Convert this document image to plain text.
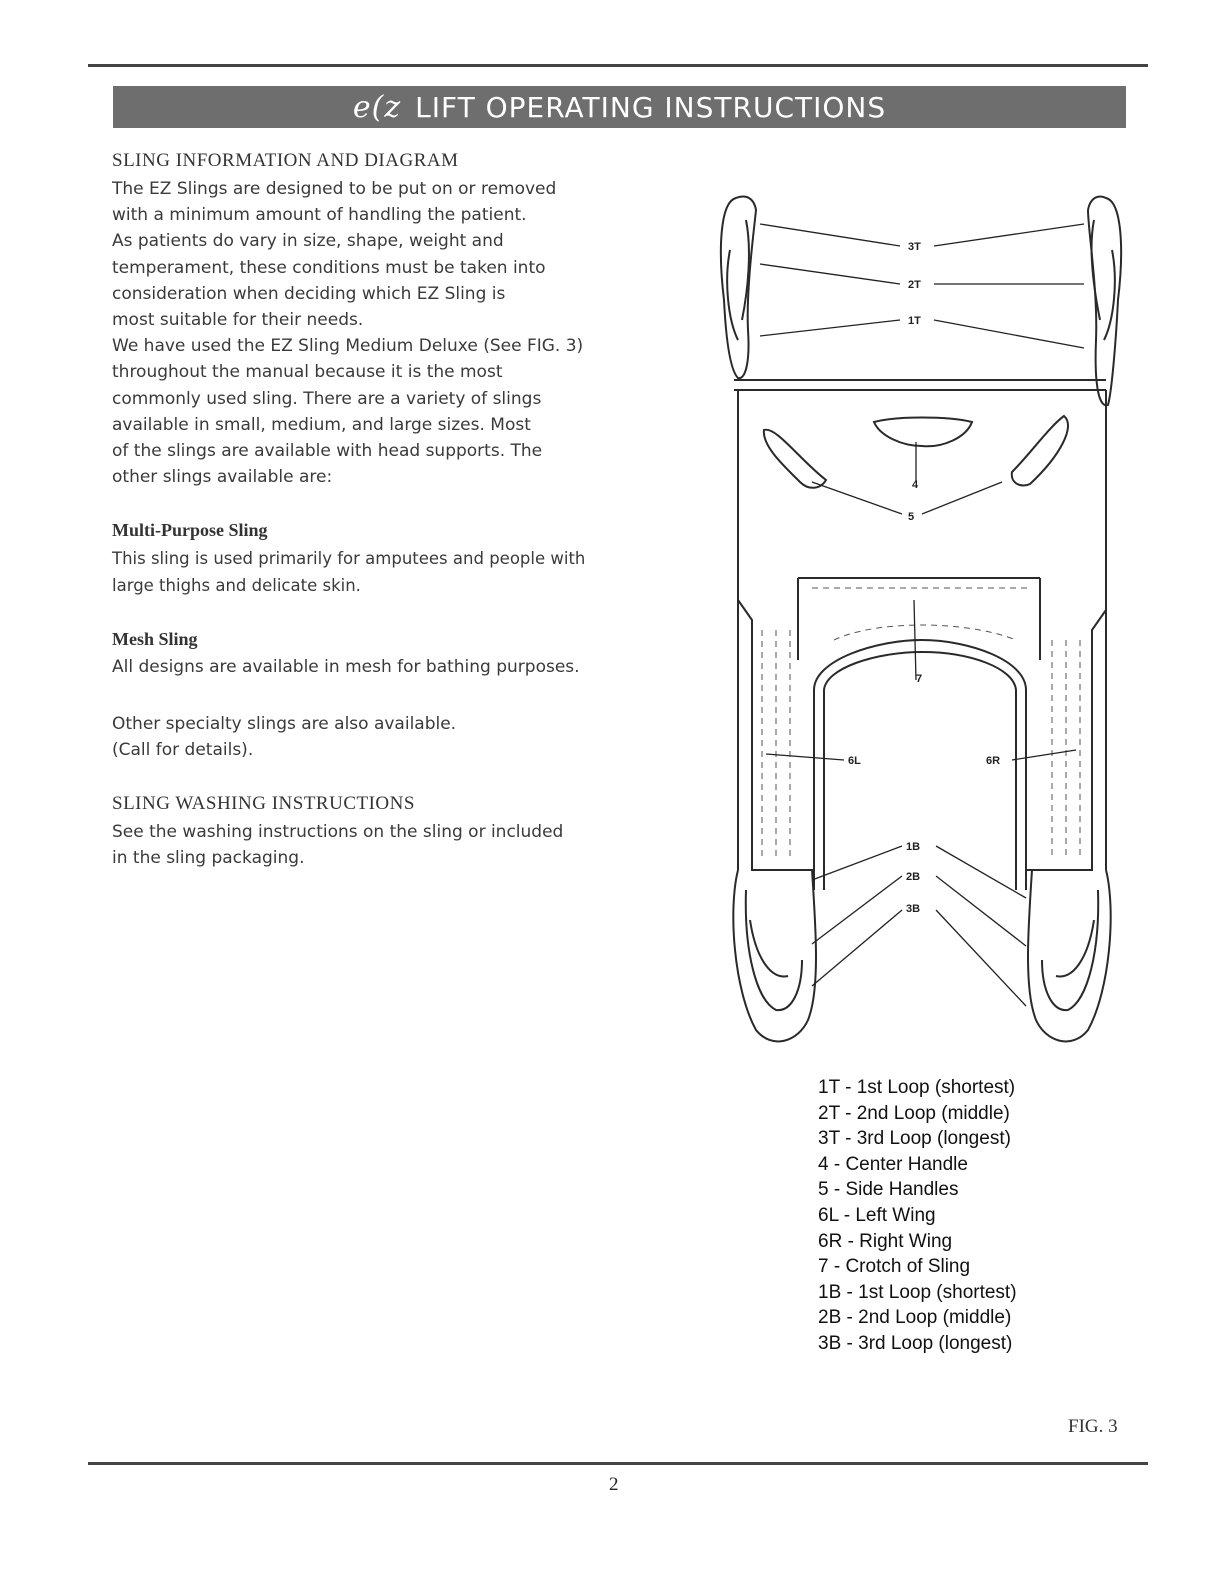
e(z LIFT OPERATING INSTRUCTIONS
SLING INFORMATION AND DIAGRAM
The EZ Slings are designed to be put on or removed
with a minimum amount of handling the patient.
As patients do vary in size, shape, weight and
temperament, these conditions must be taken into
consideration when deciding which EZ Sling is
most suitable for their needs.
We have used the EZ Sling Medium Deluxe (See FIG. 3)
throughout the manual because it is the most
commonly used sling. There are a variety of slings
available in small, medium, and large sizes. Most
of the slings are available with head supports. The
other slings available are:
Multi-Purpose Sling
This sling is used primarily for amputees and people with
large thighs and delicate skin.
Mesh Sling
All designs are available in mesh for bathing purposes.
Other specialty slings are also available.
(Call for details).
SLING WASHING INSTRUCTIONS
See the washing instructions on the sling or included
in the sling packaging.
3T
2T
1T
4
5
7
6L	6R
1B
2B
3B
1T - 1st Loop (shortest)
2T - 2nd Loop (middle)
3T - 3rd Loop (longest)
4 - Center Handle
5 - Side Handles
6L - Left Wing
6R - Right Wing
7 - Crotch of Sling
1B - 1st Loop (shortest)
2B - 2nd Loop (middle)
3B - 3rd Loop (longest)
FIG. 3
2
